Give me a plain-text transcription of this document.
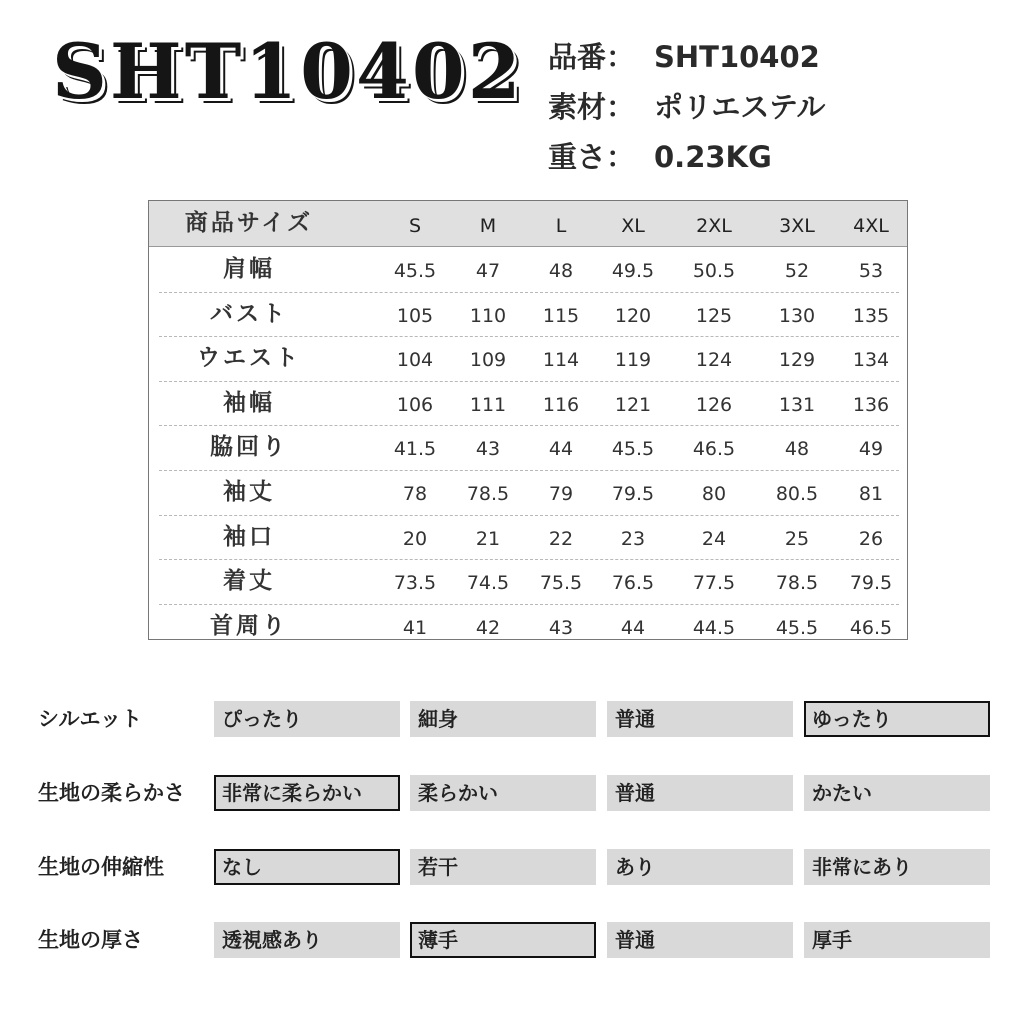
SHT10402 品番： SHT10402
素材： ポリエステル
重さ： 0.23KG
商品サイズ	S	M	L	XL	2XL	3XL	4XL
肩幅	45.5	47	48	49.5	50.5	52	53
バスト	105	110	115	120	125	130	135
ウエスト	104	109	114	119	124	129	134
袖幅	106	111	116	121	126	131	136
脇回り	41.5	43	44	45.5	46.5	48	49
袖丈	78	78.5	79	79.5	80	80.5	81
袖口	20	21	22	23	24	25	26
着丈	73.5	74.5	75.5	76.5	77.5	78.5	79.5
首周り	41	42	43	44	44.5	45.5	46.5
シルエット	ぴったり	細身	普通	ゆったり
生地の柔らかさ	非常に柔らかい	柔らかい	普通	かたい
生地の伸縮性	なし	若干	あり	非常にあり
生地の厚さ	透視感あり	薄手	普通	厚手
